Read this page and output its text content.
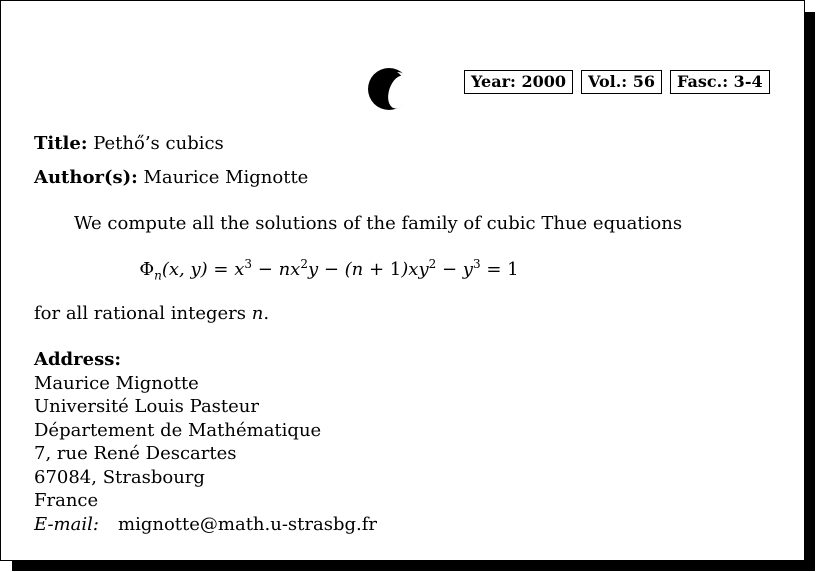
Year: 2000	Vol.: 56	Fasc.: 3-4
Title: Pethő’s cubics
Author(s): Maurice Mignotte
We compute all the solutions of the family of cubic Thue equations
$\Phi_n(x$, $y) = x^3 - nx^2y - (n + 1)xy^2 - y^3 = 1$
for all rational integers n.
Address:
Maurice Mignotte
Université Louis Pasteur
Département de Mathématique
7, rue René Descartes
67084, Strasbourg
France
E-mail: mignotte@math.u-strasbg.fr
